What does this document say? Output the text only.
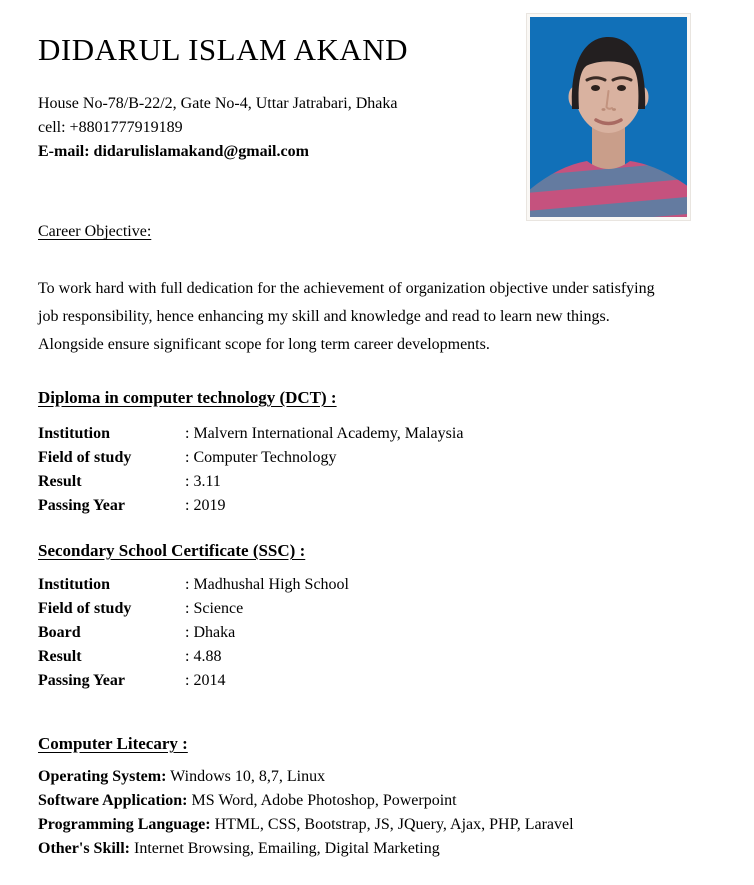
DIDARUL ISLAM AKAND
House No-78/B-22/2, Gate No-4, Uttar Jatrabari, Dhaka
cell: +8801777919189
E-mail: didarulislamakand@gmail.com
Career Objective:
To work hard with full dedication for the achievement of organization objective under satisfying
job responsibility, hence enhancing my skill and knowledge and read to learn new things.
Alongside ensure significant scope for long term career developments.
Diploma in computer technology (DCT) :
Institution	: Malvern International Academy, Malaysia
Field of study	: Computer Technology
Result	: 3.11
Passing Year	: 2019
Secondary School Certificate (SSC) :
Institution	: Madhushal High School
Field of study	: Science
Board	: Dhaka
Result	: 4.88
Passing Year	: 2014
Computer Litecary :
Operating System: Windows 10, 8,7, Linux
Software Application: MS Word, Adobe Photoshop, Powerpoint
Programming Language: HTML, CSS, Bootstrap, JS, JQuery, Ajax, PHP, Laravel
Other's Skill: Internet Browsing, Emailing, Digital Marketing
